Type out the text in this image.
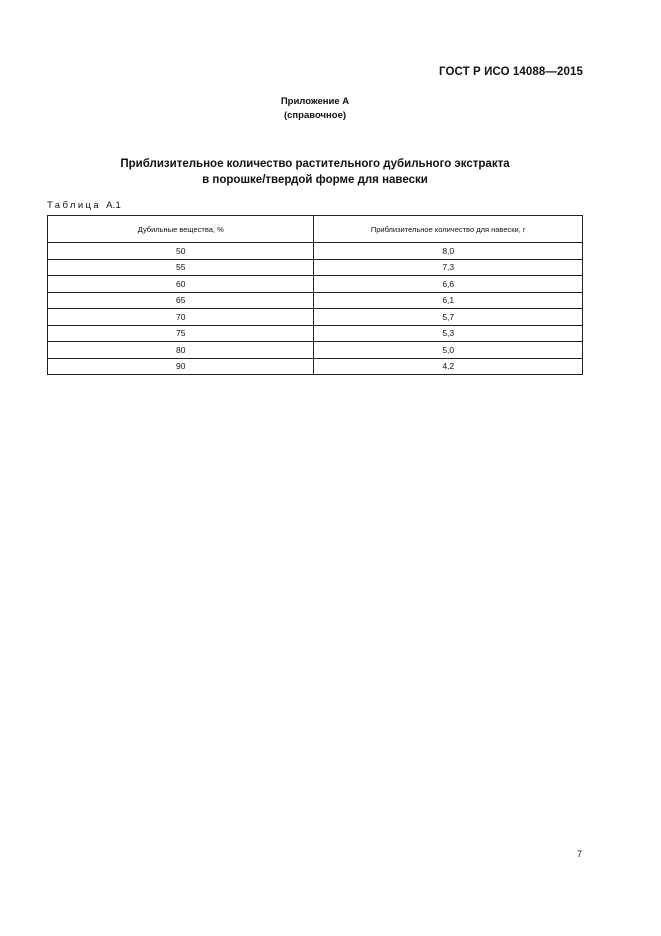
ГОСТ Р ИСО 14088—2015
Приложение А
(справочное)
Приблизительное количество растительного дубильного экстракта
в порошке/твердой форме для навески
Таблица А.1
Дубильные вещества, %	Приблизительное количество для навески, г
50	8,0
55	7,3
60	6,6
65	6,1
70	5,7
75	5,3
80	5,0
90	4,2
7
